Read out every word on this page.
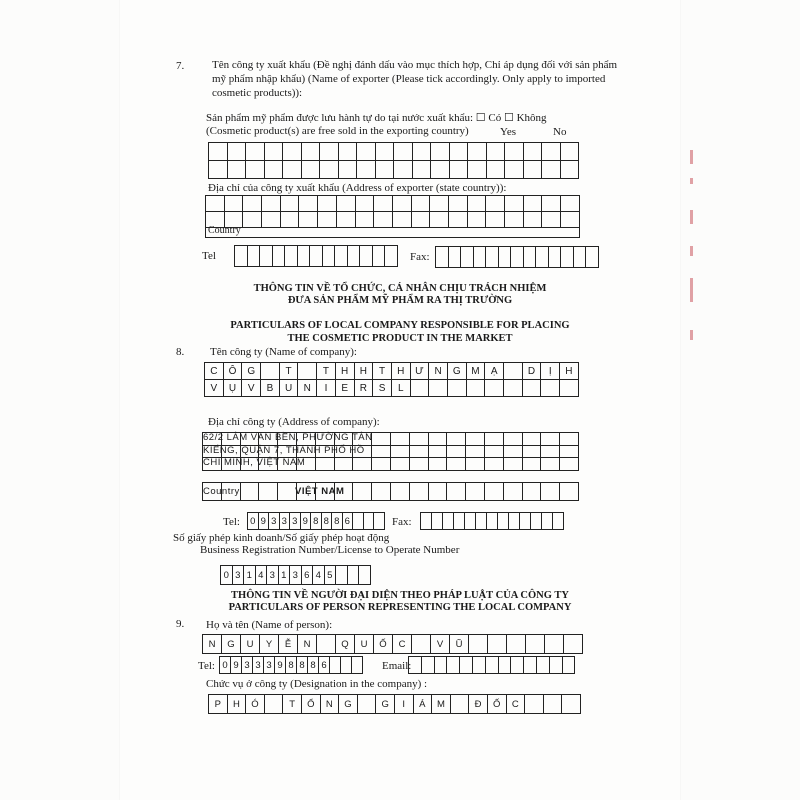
7.	Tên công ty xuất khẩu (Đề nghị đánh dấu vào mục thích hợp, Chỉ áp dụng đối với sản phẩm
mỹ phẩm nhập khẩu) (Name of exporter (Please tick accordingly. Only apply to imported
cosmetic products)):
Sản phẩm mỹ phẩm được lưu hành tự do tại nước xuất khẩu: ☐ Có ☐ Không
(Cosmetic product(s) are free sold in the exporting country)	Yes	No
Địa chỉ của công ty xuất khẩu (Address of exporter (state country)):
Country
Tel	Fax:
THÔNG TIN VỀ TỔ CHỨC, CÁ NHÂN CHỊU TRÁCH NHIỆM
ĐƯA SẢN PHẨM MỸ PHẨM RA THỊ TRƯỜNG
PARTICULARS OF LOCAL COMPANY RESPONSIBLE FOR PLACING
THE COSMETIC PRODUCT IN THE MARKET
8. Tên công ty (Name of company):
C	Ô	G	T	T	H	H	T	H	Ư	N	G	M	Ạ	D	Ị	H
V	Ụ	V	B	U	N	I	E	R	S	L
Địa chỉ công ty (Address of company):
62/2 LÂM VĂN BỀN, PHƯỜNG TÂN
KIỂNG, QUẬN 7, THÀNH PHỐ HỒ
CHÍ MINH, VIỆT NAM
Country	VIỆT NAM
Tel: 0 9 3 3 3 9 8 8 8 6	Fax:
Số giấy phép kinh doanh/Số giấy phép hoạt động
Business Registration Number/License to Operate Number
0 3 1 4 3 1 3 6 4 5
THÔNG TIN VỀ NGƯỜI ĐẠI DIỆN THEO PHÁP LUẬT CỦA CÔNG TY
PARTICULARS OF PERSON REPRESENTING THE LOCAL COMPANY
9. Họ và tên (Name of person):
N	G	U	Y	Ễ	N	Q	U	Ố	C	V	Ũ
Tel: 0 9 3 3 3 9 8 8 8 6	Email:
Chức vụ ở công ty (Designation in the company) :
P	H	Ó	T	Ổ	N	G	G	I	Á	M	Đ	Ố	C
